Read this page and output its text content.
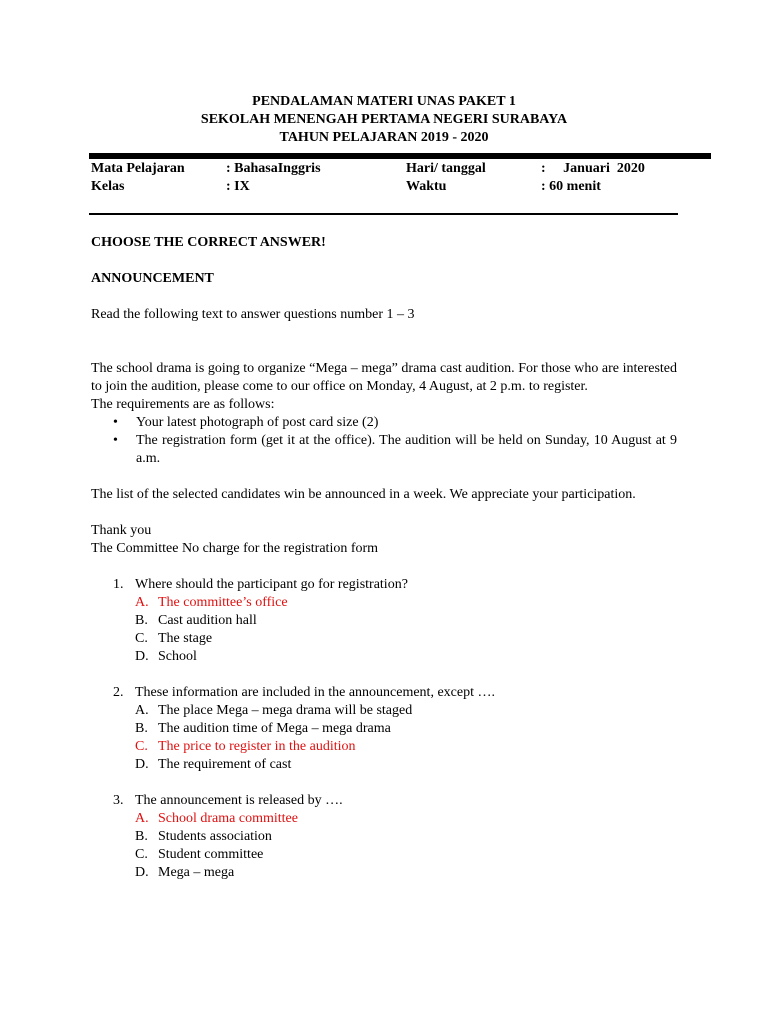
PENDALAMAN MATERI UNAS PAKET 1
SEKOLAH MENENGAH PERTAMA NEGERI SURABAYA
TAHUN PELAJARAN 2019 - 2020
Mata Pelajaran	: BahasaInggris	Hari/ tanggal	:     Januari  2020
Kelas	: IX	Waktu	: 60 menit

CHOOSE THE CORRECT ANSWER!

ANNOUNCEMENT

Read the following text to answer questions number 1 – 3

The school drama is going to organize “Mega – mega” drama cast audition. For those who are interested to join the audition, please come to our office on Monday, 4 August, at 2 p.m. to register.

The requirements are as follows:

• Your latest photograph of post card size (2)
• The registration form (get it at the office). The audition will be held on Sunday, 10 August at 9 a.m.

The list of the selected candidates win be announced in a week. We appreciate your participation.

Thank you

The Committee No charge for the registration form

1. Where should the participant go for registration?
A. The committee’s office
B. Cast audition hall
C. The stage
D. School

2. These information are included in the announcement, except ….
A. The place Mega – mega drama will be staged
B. The audition time of Mega – mega drama
C. The price to register in the audition
D. The requirement of cast

3. The announcement is released by ….
A. School drama committee
B. Students association
C. Student committee
D. Mega – mega
